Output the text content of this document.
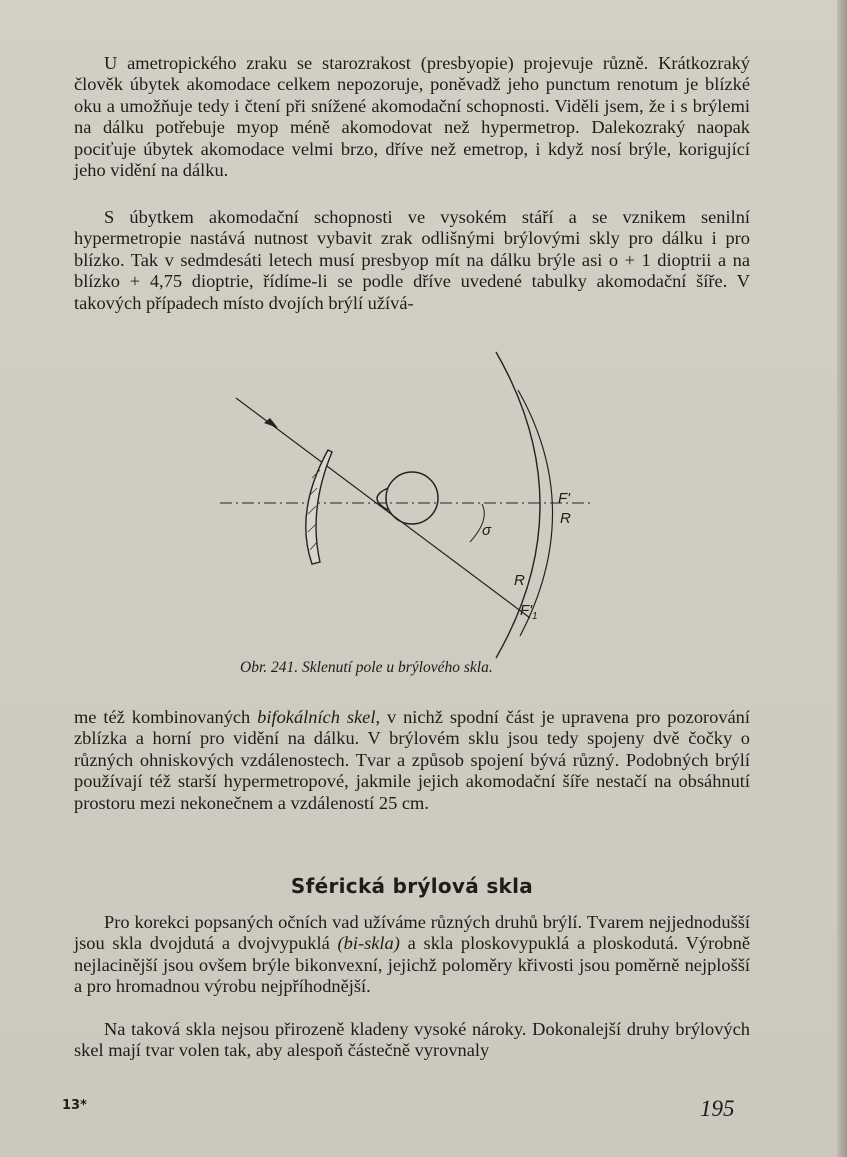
U ametropického zraku se starozrakost (presbyopie) projevuje různě. Krátkozraký člověk úbytek akomodace celkem nepozoruje, poněvadž jeho punctum renotum je blízké oku a umožňuje tedy i čtení při snížené akomodační schopnosti. Viděli jsem, že i s brýlemi na dálku potřebuje myop méně akomodovat než hypermetrop. Dalekozraký naopak pociťuje úbytek akomodace velmi brzo, dříve než emetrop, i když nosí brýle, korigující jeho vidění na dálku.

S úbytkem akomodační schopnosti ve vysokém stáří a se vznikem senilní hypermetropie nastává nutnost vybavit zrak odlišnými brýlovými skly pro dálku i pro blízko. Tak v sedmdesáti letech musí presbyop mít na dálku brýle asi o + 1 dioptrii a na blízko + 4,75 dioptrie, řídíme-li se podle dříve uvedené tabulky akomodační šíře. V takových případech místo dvojích brýlí užívá-

F'
R
σ
R
$F'_1$
Obr. 241. Sklenutí pole u brýlového skla.

me též kombinovaných bifokálních skel, v nichž spodní část je upravena pro pozorování zblízka a horní pro vidění na dálku. V brýlovém sklu jsou tedy spojeny dvě čočky o různých ohniskových vzdálenostech. Tvar a způsob spojení bývá různý. Podobných brýlí používají též starší hypermetropové, jakmile jejich akomodační šíře nestačí na obsáhnutí prostoru mezi nekonečnem a vzdáleností 25 cm.

Sférická brýlová skla

Pro korekci popsaných očních vad užíváme různých druhů brýlí. Tvarem nejjednodušší jsou skla dvojdutá a dvojvypuklá (bi-skla) a skla ploskovypuklá a ploskodutá. Výrobně nejlacinější jsou ovšem brýle bikonvexní, jejichž poloměry křivosti jsou poměrně nejplošší a pro hromadnou výrobu nejpříhodnější.

Na taková skla nejsou přirozeně kladeny vysoké nároky. Dokonalejší druhy brýlových skel mají tvar volen tak, aby alespoň částečně vyrovnaly

13*	195
